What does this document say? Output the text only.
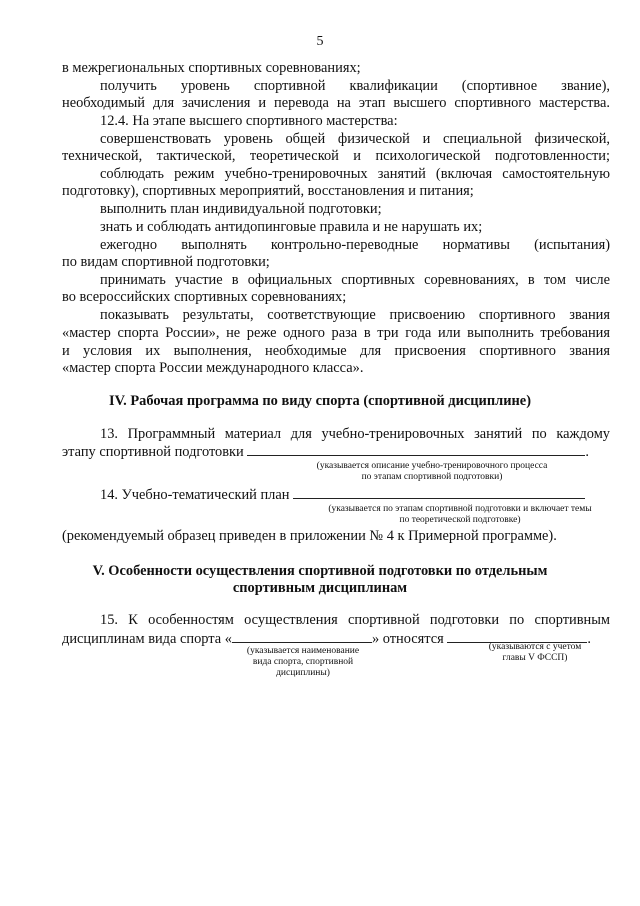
5
в межрегиональных спортивных соревнованиях;
получить уровень спортивной квалификации (спортивное звание),
необходимый для зачисления и перевода на этап высшего спортивного мастерства.
12.4. На этапе высшего спортивного мастерства:
совершенствовать уровень общей физической и специальной физической,
технической, тактической, теоретической и психологической подготовленности;
соблюдать режим учебно-тренировочных занятий (включая самостоятельную
подготовку), спортивных мероприятий, восстановления и питания;
выполнить план индивидуальной подготовки;
знать и соблюдать антидопинговые правила и не нарушать их;
ежегодно выполнять контрольно-переводные нормативы (испытания)
по видам спортивной подготовки;
принимать участие в официальных спортивных соревнованиях, в том числе
во всероссийских спортивных соревнованиях;
показывать результаты, соответствующие присвоению спортивного звания
«мастер спорта России», не реже одного раза в три года или выполнить требования
и условия их выполнения, необходимые для присвоения спортивного звания
«мастер спорта России международного класса».
IV. Рабочая программа по виду спорта (спортивной дисциплине)
13. Программный материал для учебно-тренировочных занятий по каждому
этапу спортивной подготовки	.
(указывается описание учебно-тренировочного процесса
по этапам спортивной подготовки)
14. Учебно-тематический план
(указывается по этапам спортивной подготовки и включает темы
по теоретической подготовке)
(рекомендуемый образец приведен в приложении № 4 к Примерной программе).
V. Особенности осуществления спортивной подготовки по отдельным
спортивным дисциплинам
15. К особенностям осуществления спортивной подготовки по спортивным
дисциплинам вида спорта «	» относятся	.
(указывается наименование
вида спорта, спортивной
дисциплины)
(указываются с учетом
главы V ФССП)
